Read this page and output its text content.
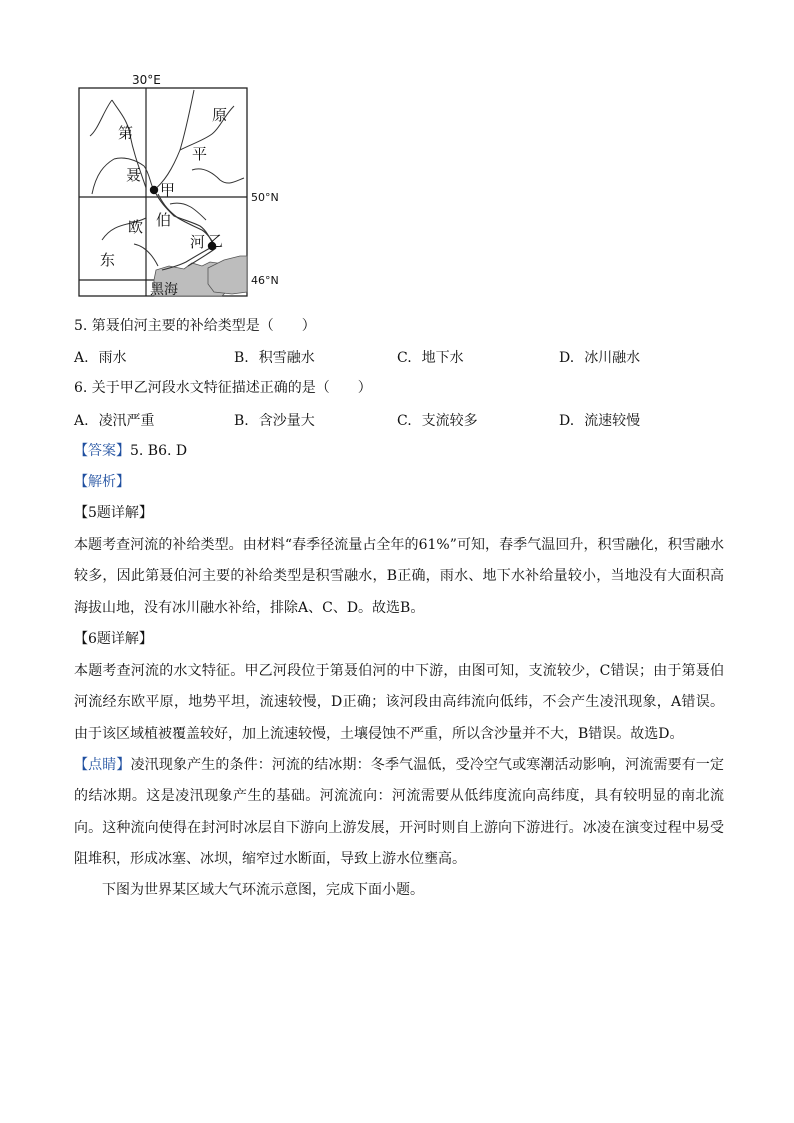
30°E
50°N
46°N
第
聂
伯
河
原
平
欧
东
甲
乙
黑海
5. 第聂伯河主要的补给类型是（　　）
A. 雨水	B. 积雪融水	C. 地下水	D. 冰川融水
6. 关于甲乙河段水文特征描述正确的是（　　）
A. 凌汛严重	B. 含沙量大	C. 支流较多	D. 流速较慢
【答案】5. B6. D
【解析】
【5题详解】
本题考查河流的补给类型。由材料“春季径流量占全年的61%”可知，春季气温回升，积雪融化，积雪融水较多，因此第聂伯河主要的补给类型是积雪融水，B正确，雨水、地下水补给量较小，当地没有大面积高海拔山地，没有冰川融水补给，排除A、C、D。故选B。
【6题详解】
本题考查河流的水文特征。甲乙河段位于第聂伯河的中下游，由图可知，支流较少，C错误；由于第聂伯河流经东欧平原，地势平坦，流速较慢，D正确；该河段由高纬流向低纬，不会产生凌汛现象，A错误。由于该区域植被覆盖较好，加上流速较慢，土壤侵蚀不严重，所以含沙量并不大，B错误。故选D。
【点睛】凌汛现象产生的条件：河流的结冰期：冬季气温低，受冷空气或寒潮活动影响，河流需要有一定的结冰期。这是凌汛现象产生的基础。河流流向：河流需要从低纬度流向高纬度，具有较明显的南北流向。这种流向使得在封河时冰层自下游向上游发展，开河时则自上游向下游进行。冰凌在演变过程中易受阻堆积，形成冰塞、冰坝，缩窄过水断面，导致上游水位壅高。
下图为世界某区域大气环流示意图，完成下面小题。
